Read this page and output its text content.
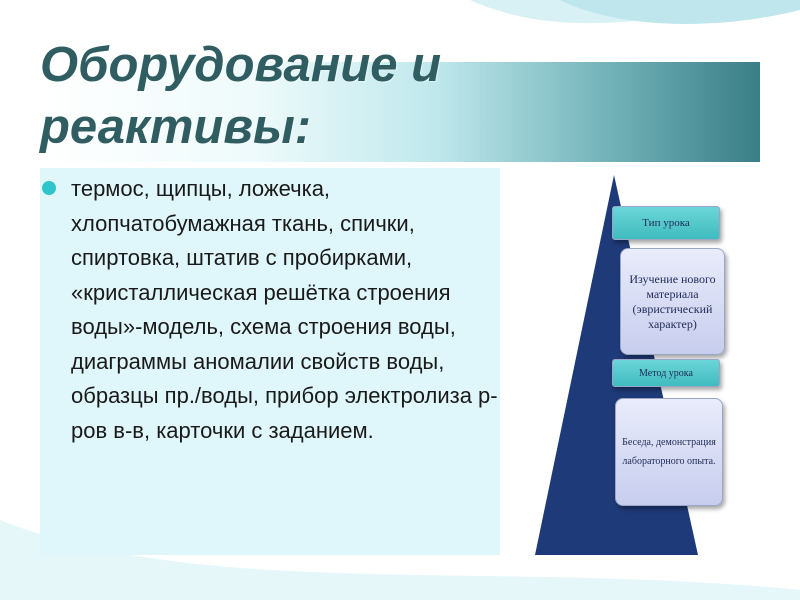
Оборудование и реактивы:

термос, щипцы, ложечка, хлопчатобумажная ткань, спички, спиртовка, штатив с пробирками, «кристаллическая решётка строения воды»-модель, схема строения воды, диаграммы аномалии свойств воды, образцы пр./воды, прибор электролиза р-ров в-в, карточки с заданием.

Тип урока
Изучение нового материала (эвристический характер)
Метод урока
Беседа, демонстрация лабораторного опыта.
